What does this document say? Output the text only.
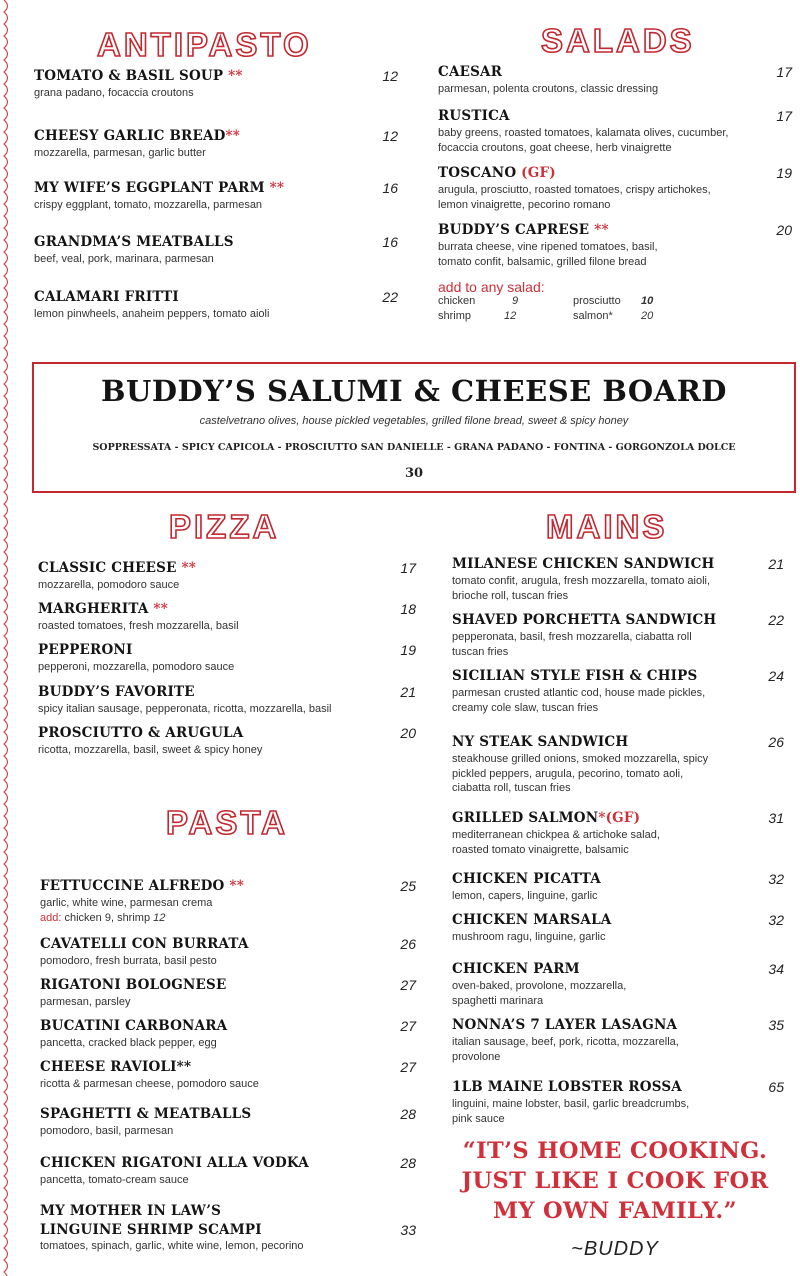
ANTIPASTO
TOMATO & BASIL SOUP **	12
grana padano, focaccia croutons
CHEESY GARLIC BREAD**	12
mozzarella, parmesan, garlic butter
MY WIFE’S EGGPLANT PARM **	16
crispy eggplant, tomato, mozzarella, parmesan
GRANDMA’S MEATBALLS	16
beef, veal, pork, marinara, parmesan
CALAMARI FRITTI	22
lemon pinwheels, anaheim peppers, tomato aioli
SALADS
CAESAR	17
parmesan, polenta croutons, classic dressing
RUSTICA	17
baby greens, roasted tomatoes, kalamata olives, cucumber,
focaccia croutons, goat cheese, herb vinaigrette
TOSCANO (GF)	19
arugula, prosciutto, roasted tomatoes, crispy artichokes,
lemon vinaigrette, pecorino romano
BUDDY’S CAPRESE **	20
burrata cheese, vine ripened tomatoes, basil,
tomato confit, balsamic, grilled filone bread
add to any salad:
chicken	9	prosciutto 10
shrimp	12	salmon*	20
BUDDY’S SALUMI & CHEESE BOARD
castelvetrano olives, house pickled vegetables, grilled filone bread, sweet & spicy honey
SOPPRESSATA - SPICY CAPICOLA - PROSCIUTTO SAN DANIELLE - GRANA PADANO - FONTINA - GORGONZOLA DOLCE
30
PIZZA
CLASSIC CHEESE **	17
mozzarella, pomodoro sauce
MARGHERITA **	18
roasted tomatoes, fresh mozzarella, basil
PEPPERONI	19
pepperoni, mozzarella, pomodoro sauce
BUDDY’S FAVORITE	21
spicy italian sausage, pepperonata, ricotta, mozzarella, basil
PROSCIUTTO & ARUGULA	20
ricotta, mozzarella, basil, sweet & spicy honey
PASTA
FETTUCCINE ALFREDO **	25
garlic, white wine, parmesan crema
add: chicken 9, shrimp 12
CAVATELLI CON BURRATA	26
pomodoro, fresh burrata, basil pesto
RIGATONI BOLOGNESE	27
parmesan, parsley
BUCATINI CARBONARA	27
pancetta, cracked black pepper, egg
CHEESE RAVIOLI**	27
ricotta & parmesan cheese, pomodoro sauce
SPAGHETTI & MEATBALLS	28
pomodoro, basil, parmesan
CHICKEN RIGATONI ALLA VODKA	28
pancetta, tomato-cream sauce
MY MOTHER IN LAW’S
LINGUINE SHRIMP SCAMPI	33
tomatoes, spinach, garlic, white wine, lemon, pecorino
MAINS
MILANESE CHICKEN SANDWICH	21
tomato confit, arugula, fresh mozzarella, tomato aioli,
brioche roll, tuscan fries
SHAVED PORCHETTA SANDWICH	22
pepperonata, basil, fresh mozzarella, ciabatta roll
tuscan fries
SICILIAN STYLE FISH & CHIPS	24
parmesan crusted atlantic cod, house made pickles,
creamy cole slaw, tuscan fries
NY STEAK SANDWICH	26
steakhouse grilled onions, smoked mozzarella, spicy
pickled peppers, arugula, pecorino, tomato aoli,
ciabatta roll, tuscan fries
GRILLED SALMON*(GF)	31
mediterranean chickpea & artichoke salad,
roasted tomato vinaigrette, balsamic
CHICKEN PICATTA	32
lemon, capers, linguine, garlic
CHICKEN MARSALA	32
mushroom ragu, linguine, garlic
CHICKEN PARM	34
oven-baked, provolone, mozzarella,
spaghetti marinara
NONNA’S 7 LAYER LASAGNA	35
italian sausage, beef, pork, ricotta, mozzarella,
provolone
1LB MAINE LOBSTER ROSSA	65
linguini, maine lobster, basil, garlic breadcrumbs,
pink sauce
“IT’S HOME COOKING.
JUST LIKE I COOK FOR
MY OWN FAMILY.”
~BUDDY
